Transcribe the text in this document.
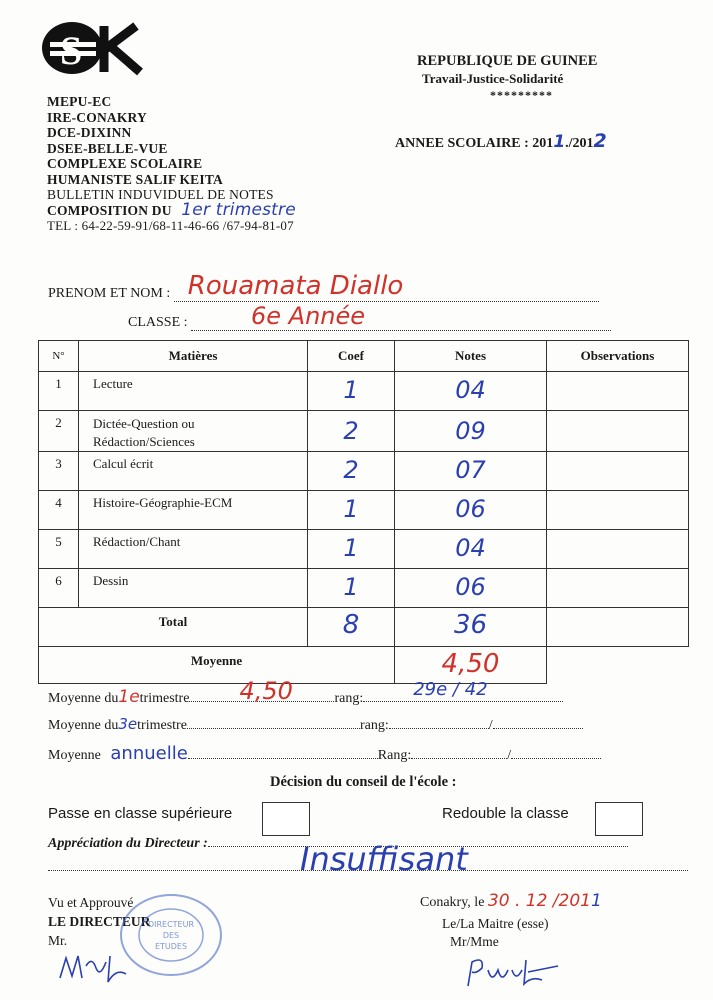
S	REPUBLIQUE DE GUINEE
Travail-Justice-Solidarité
*********
ANNEE SCOLAIRE : 2011./2012
MEPU-EC
IRE-CONAKRY
DCE-DIXINN
DSEE-BELLE-VUE
COMPLEXE SCOLAIRE
HUMANISTE SALIF KEITA
BULLETIN INDUVIDUEL DE NOTES
COMPOSITION DU 1er trimestre
TEL : 64-22-59-91/68-11-46-66 /67-94-81-07
PRENOM ET NOM : Rouamata Diallo
CLASSE :	6e Année
N°	Matières	Coef	Notes	Observations
1	Lecture	1	04	
2	Dictée-Question ou
Rédaction/Sciences	2	09	
3	Calcul écrit	2	07	
4	Histoire-Géographie-ECM	1	06	
5	Rédaction/Chant	1	04	
6	Dessin	1	06	
Total		8	36	
Moyenne			4,50	
Moyenne du1etrimestre 4,50	rang:	29e / 42
Moyenne du3etrimestre	rang:	/
Moyenne annuelle	Rang:	/
Décision du conseil de l'école :
Passe en classe supérieure	Redouble la classe
Appréciation du Directeur :	Insuffisant
Vu et Approuvé
LE DIRECTEUR
Mr.
DIRECTEUR
DES
ETUDES
Conakry, le 30 . 12 /2011
Le/La Maitre (esse)
Mr/Mme
